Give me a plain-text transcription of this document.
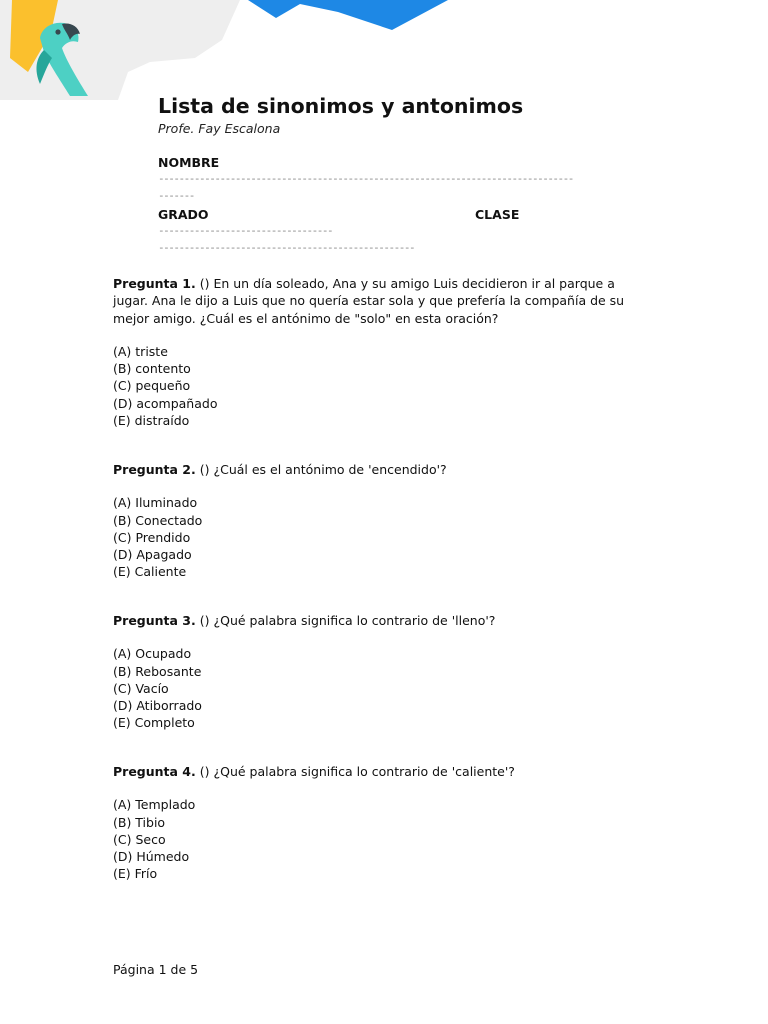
Lista de sinonimos y antonimos
Profe. Fay Escalona
NOMBRE
---------------------------------------------------------------------------------
-------
GRADO	CLASE
----------------------------------
--------------------------------------------------

Pregunta 1. () En un día soleado, Ana y su amigo Luis decidieron ir al parque a jugar. Ana le dijo a Luis que no quería estar sola y que prefería la compañía de su mejor amigo. ¿Cuál es el antónimo de "solo" en esta oración?

(A) triste
(B) contento
(C) pequeño
(D) acompañado
(E) distraído

Pregunta 2. () ¿Cuál es el antónimo de 'encendido'?

(A) Iluminado
(B) Conectado
(C) Prendido
(D) Apagado
(E) Caliente

Pregunta 3. () ¿Qué palabra significa lo contrario de 'lleno'?

(A) Ocupado
(B) Rebosante
(C) Vacío
(D) Atiborrado
(E) Completo

Pregunta 4. () ¿Qué palabra significa lo contrario de 'caliente'?

(A) Templado
(B) Tibio
(C) Seco
(D) Húmedo
(E) Frío
Página 1 de 5
